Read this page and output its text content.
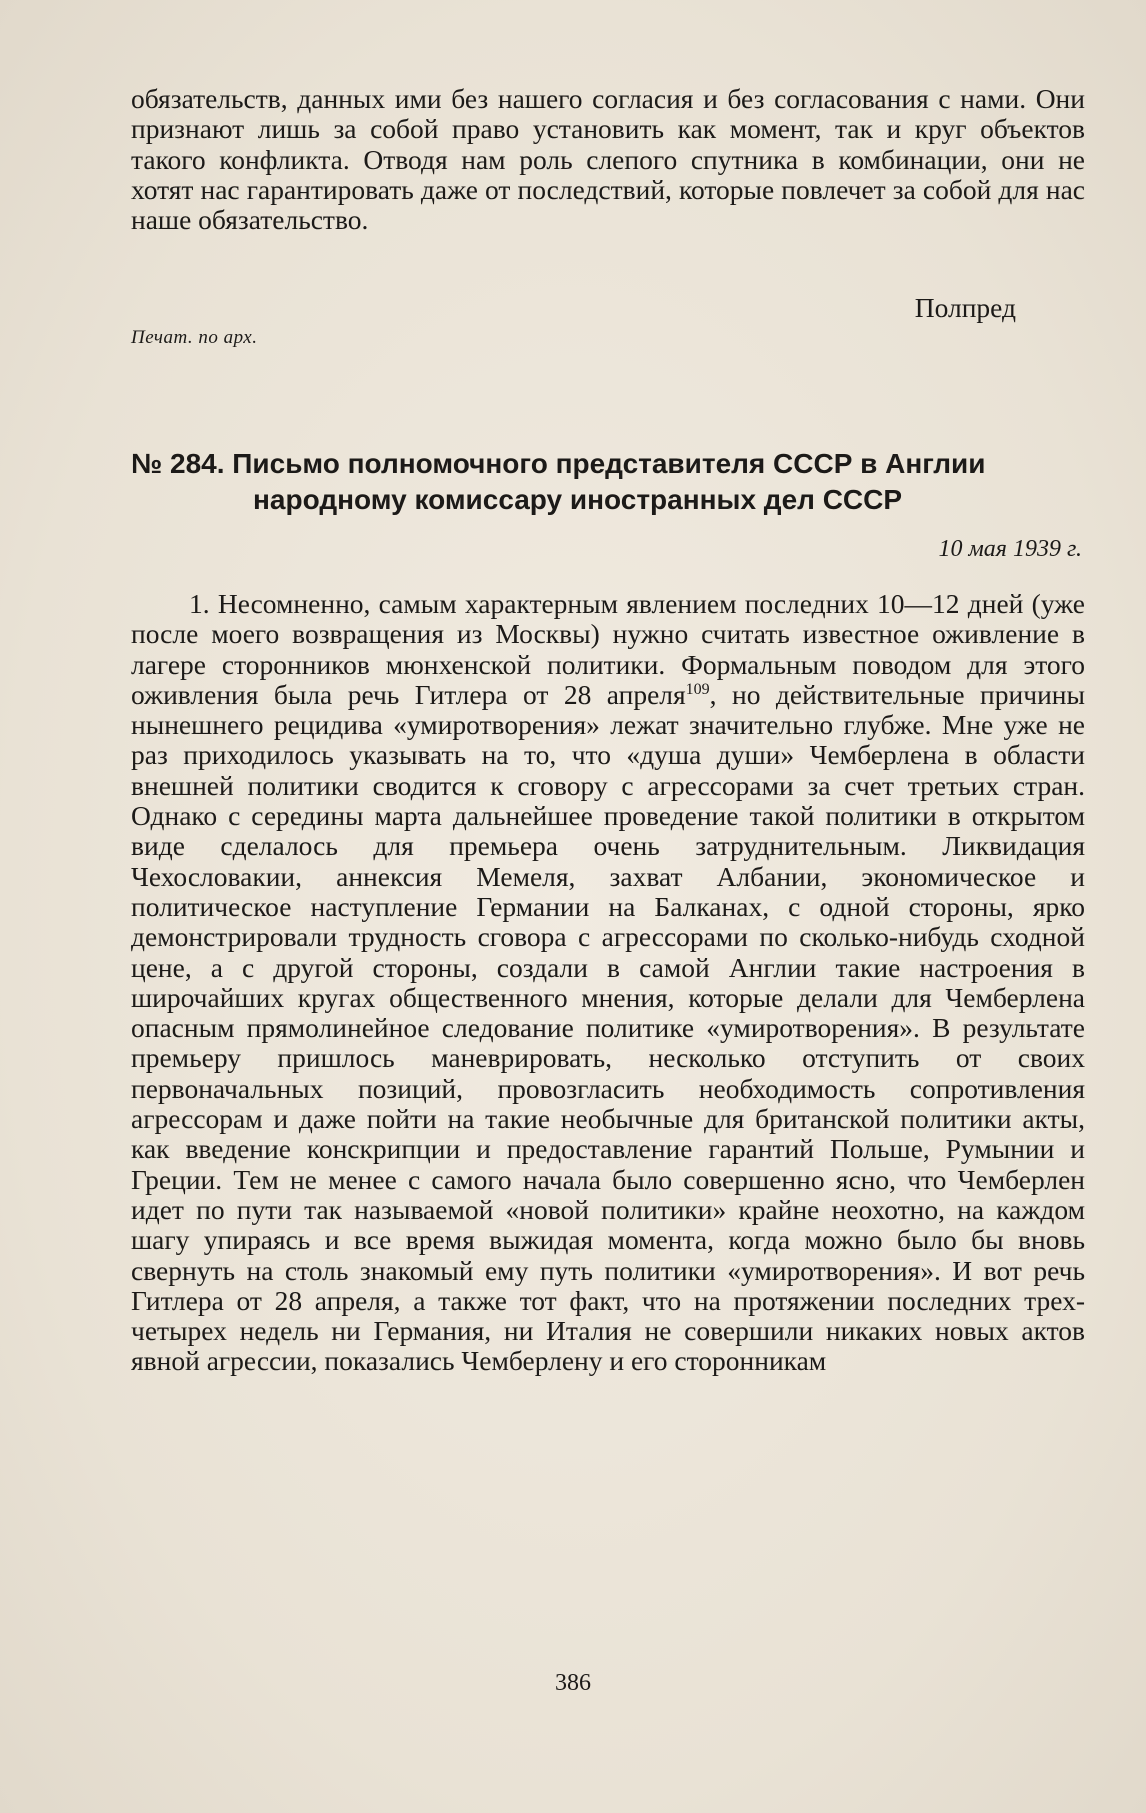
обязательств, данных ими без нашего согласия и без согласования с нами. Они признают лишь за собой право установить как момент, так и круг объектов такого конфликта. Отводя нам роль слепого спутника в комбинации, они не хотят нас гарантировать даже от последствий, которые повлечет за собой для нас наше обязательство.

Полпред
Печат. по арх.
№ 284. Письмо полномочного представителя СССР в Англии
народному комиссару иностранных дел СССР
10 мая 1939 г.

1. Несомненно, самым характерным явлением последних 10—12 дней (уже после моего возвращения из Москвы) нужно считать известное оживление в лагере сторонников мюнхенской политики. Формальным поводом для этого оживления была речь Гитлера от 28 апреля$^{109}$, но действительные причины нынешнего рецидива «умиротворения» лежат значительно глубже. Мне уже не раз приходилось указывать на то, что «душа души» Чемберлена в области внешней политики сводится к сговору с агрессорами за счет третьих стран. Однако с середины марта дальнейшее проведение такой политики в открытом виде сделалось для премьера очень затруднительным. Ликвидация Чехословакии, аннексия Мемеля, захват Албании, экономическое и политическое наступление Германии на Балканах, с одной стороны, ярко демонстрировали трудность сговора с агрессорами по сколько-нибудь сходной цене, а с другой стороны, создали в самой Англии такие настроения в широчайших кругах общественного мнения, которые делали для Чемберлена опасным прямолинейное следование политике «умиротворения». В результате премьеру пришлось маневрировать, несколько отступить от своих первоначальных позиций, провозгласить необходимость сопротивления агрессорам и даже пойти на такие необычные для британской политики акты, как введение конскрипции и предоставление гарантий Польше, Румынии и Греции. Тем не менее с самого начала было совершенно ясно, что Чемберлен идет по пути так называемой «новой политики» крайне неохотно, на каждом шагу упираясь и все время выжидая момента, когда можно было бы вновь свернуть на столь знакомый ему путь политики «умиротворения». И вот речь Гитлера от 28 апреля, а также тот факт, что на протяжении последних трех-четырех недель ни Германия, ни Италия не совершили никаких новых актов явной агрессии, показались Чемберлену и его сторонникам

386
